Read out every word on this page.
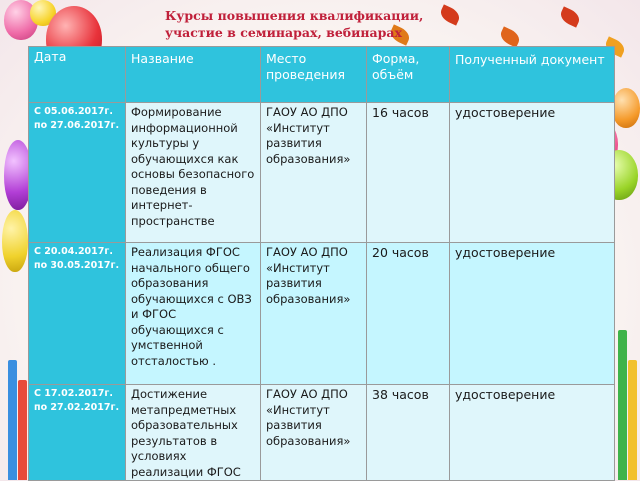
Курсы повышения квалификации,
участие в семинарах, вебинарах
Дата	Название	Место проведения	Форма, объём	Полученный документ

С 05.06.2017г. по 27.06.2017г.	Формирование информационной культуры у обучающихся как основы безопасного поведения в интернет-пространстве	ГАОУ АО ДПО «Институт развития образования»	16 часов	удостоверение
С 20.04.2017г. по 30.05.2017г.	Реализация ФГОС начального общего образования обучающихся с ОВЗ и ФГОС обучающихся с умственной отсталостью .	ГАОУ АО ДПО «Институт развития образования»	20 часов	удостоверение
С 17.02.2017г. по 27.02.2017г.	Достижение метапредметных образовательных результатов в условиях реализации ФГОС	ГАОУ АО ДПО «Институт развития образования»	38 часов	удостоверение
